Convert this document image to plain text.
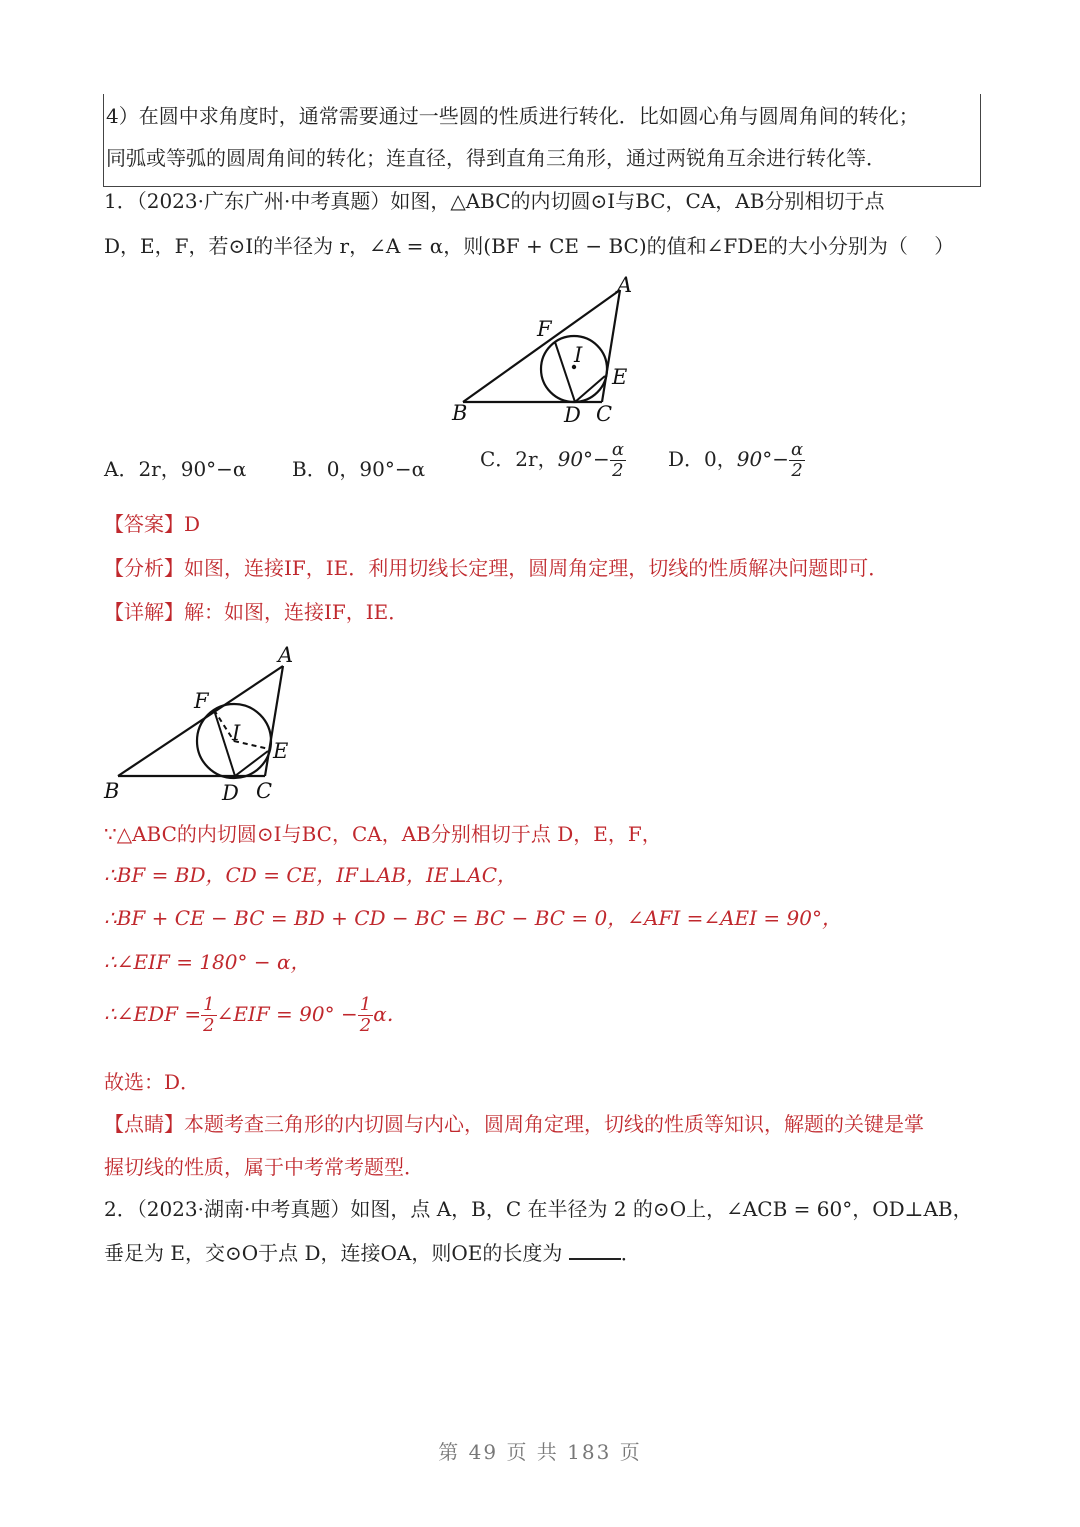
4）在圆中求角度时，通常需要通过一些圆的性质进行转化．比如圆心角与圆周角间的转化；
同弧或等弧的圆周角间的转化；连直径，得到直角三角形，通过两锐角互余进行转化等．
1．（2023·广东广州·中考真题）如图，△ABC的内切圆⊙I与BC，CA，AB分别相切于点
D，E，F，若⊙I的半径为 r，∠A = α，则(BF + CE − BC)的值和∠FDE的大小分别为（　 ）
A
B	C
D
E
F
I
A．2r，90°−α B．0，90°−α	C．2r，$90^\circ- \frac{\alpha}{2}$ D．0，$90^\circ- \frac{\alpha}{2}$
【答案】D
【分析】如图，连接IF，IE．利用切线长定理，圆周角定理，切线的性质解决问题即可．
【详解】解：如图，连接IF，IE．
A
B	C
D
E
F
I
∵△ABC的内切圆⊙I与BC，CA，AB分别相切于点 D，E，F，
∴BF = BD，CD = CE，IF⊥AB，IE⊥AC，
∴BF + CE − BC = BD + CD − BC = BC − BC = 0，∠AFI =∠AEI = 90°，
∴∠EIF = 180° − α，
∴∠EDF = $\frac{1}{2}$ ∠EIF = $90^\circ - \frac{1}{2}$ α．
故选：D．
【点睛】本题考查三角形的内切圆与内心，圆周角定理，切线的性质等知识，解题的关键是掌
握切线的性质，属于中考常考题型．
2．（2023·湖南·中考真题）如图，点 A，B，C 在半径为 2 的⊙O上，∠ACB = 60°，OD⊥AB，
垂足为 E，交⊙O于点 D，连接OA，则OE的长度为	．
第 49 页 共 183 页
